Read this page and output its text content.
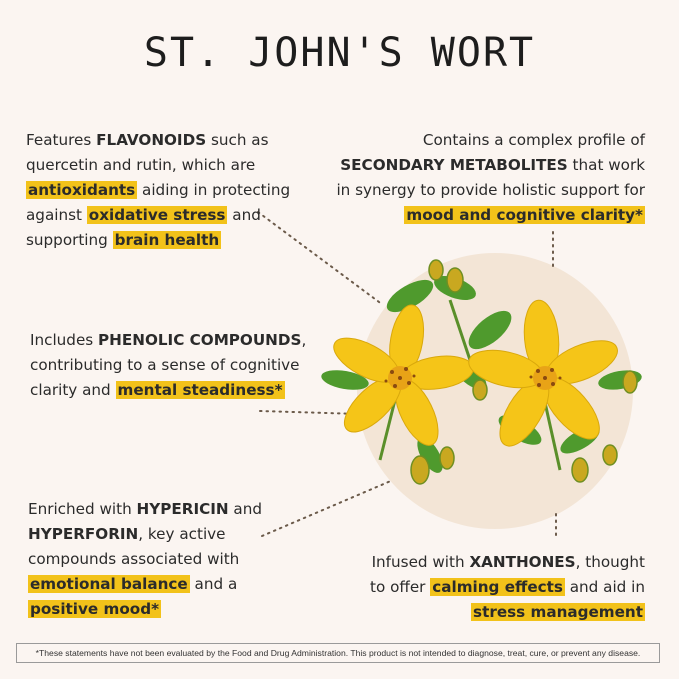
ST. JOHN'S WORT
Features FLAVONOIDS such as quercetin and rutin, which are antioxidants aiding in protecting against oxidative stress and supporting brain health
Contains a complex profile of SECONDARY METABOLITES that work in synergy to provide holistic support for mood and cognitive clarity*
Includes PHENOLIC COMPOUNDS, contributing to a sense of cognitive clarity and mental steadiness*
Enriched with HYPERICIN and HYPERFORIN, key active compounds associated with emotional balance and a positive mood*
Infused with XANTHONES, thought to offer calming effects and aid in stress management
*These statements have not been evaluated by the Food and Drug Administration. This product is not intended to diagnose, treat, cure, or prevent any disease.
